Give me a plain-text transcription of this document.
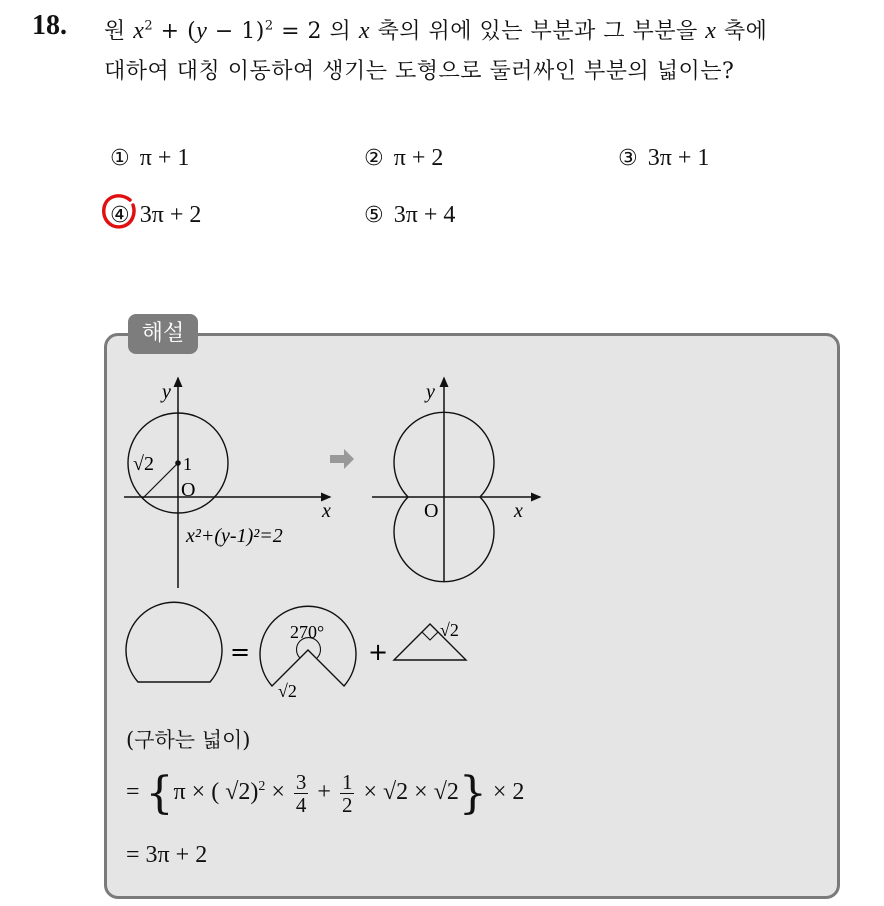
18. 원 $x^2 + (y - 1)^2 = 2$ 의 x 축의 위에 있는 부분과 그 부분을 x 축에
대하여 대칭 이동하여 생기는 도형으로 둘러싸인 부분의 넓이는?
① π + 1	② π + 2	③ 3π + 1
④ 3π + 2	⑤ 3π + 4
해설
y
x
O
1
√2
x²+(y-1)²=2
y
x
O
=
270°
√2
+
√2
(구하는 넓이)
= {π × ( $√2)^2 \times \frac{3}{4} + \frac{1}{2} \times √2 \times √2\} \times 2$
= 3π + 2
